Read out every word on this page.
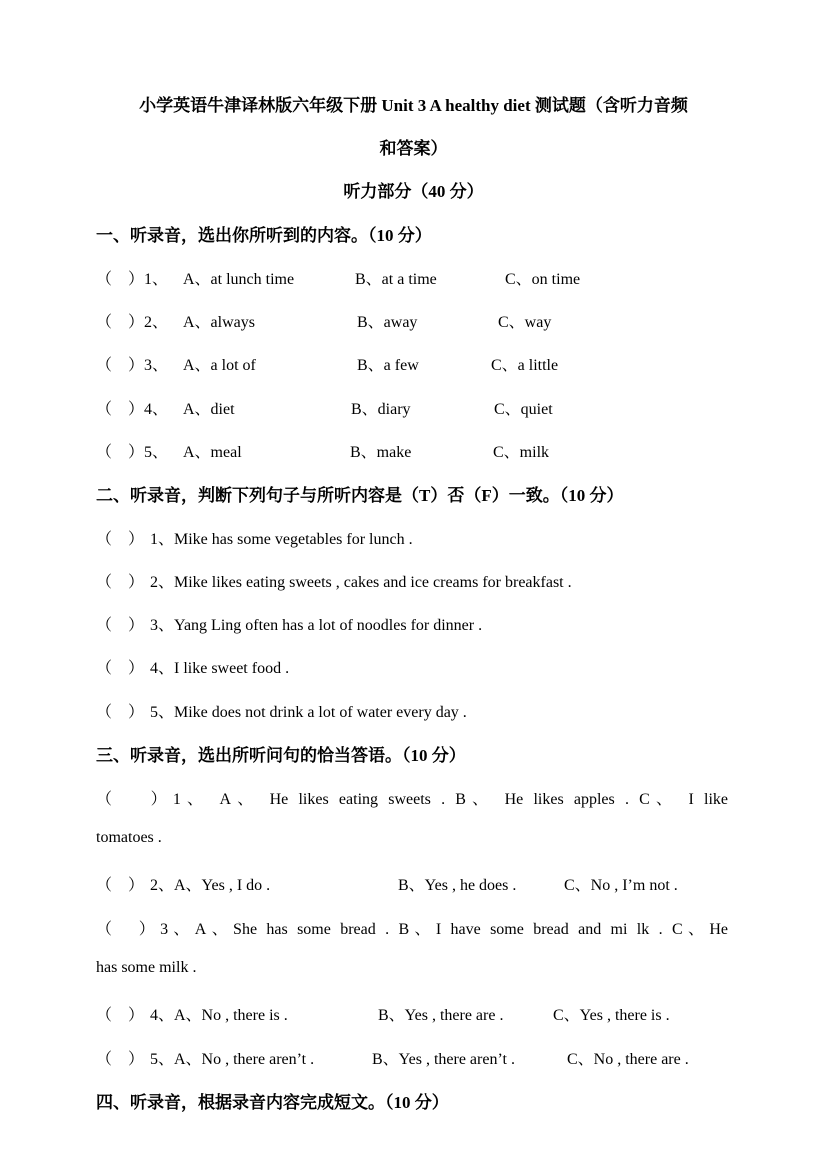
小学英语牛津译林版六年级下册 Unit 3 A healthy diet 测试题（含听力音频
和答案）
听力部分（40 分）
一、听录音，选出你所听到的内容。（10 分）
（　）1、 A、at lunch time	B、at a time	C、on time
（　）2、 A、always	B、away	C、way
（　）3、 A、a lot of	B、a few	C、a little
（　）4、 A、diet	B、diary	C、quiet
（　）5、 A、meal	B、make	C、milk
二、听录音，判断下列句子与所听内容是（T）否（F）一致。（10 分）
（　） 1、Mike has some vegetables for lunch .
（　） 2、Mike likes eating sweets , cakes and ice creams for breakfast .
（　） 3、Yang Ling often has a lot of noodles for dinner .
（　） 4、I like sweet food .
（　） 5、Mike does not drink a lot of water every day .
三、听录音，选出所听问句的恰当答语。（10 分）
（　 ）1、 A、 He likes eating sweets . B、 He likes apples . C、 I like
tomatoes .
（　） 2、A、Yes , I do .	B、Yes , he does .	C、No , I’m not .
（　）3、A、She has some bread . B、I have some bread and mi lk . C、He
has some milk .
（　） 4、A、No , there is .	B、Yes , there are .	C、Yes , there is .
（　） 5、A、No , there aren’t .	B、Yes , there aren’t .	C、No , there are .
四、听录音，根据录音内容完成短文。（10 分）
